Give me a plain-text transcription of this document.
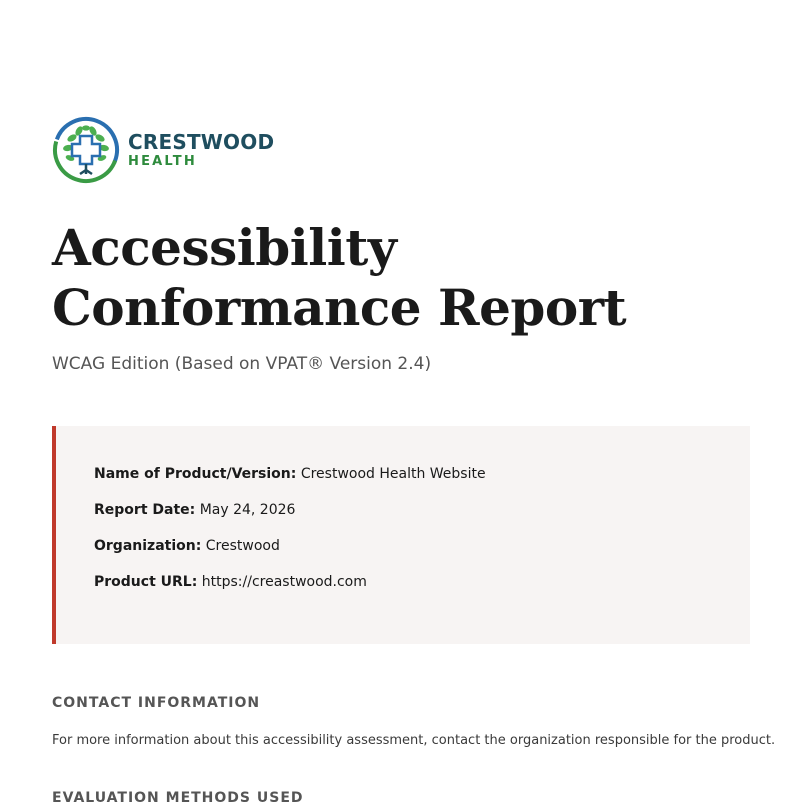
CRESTWOOD
HEALTH
Accessibility
Conformance Report
WCAG Edition (Based on VPAT® Version 2.4)
Name of Product/Version: Crestwood Health Website
Report Date: May 24, 2026
Organization: Crestwood
Product URL: https://creastwood.com
CONTACT INFORMATION
For more information about this accessibility assessment, contact the organization responsible for the product.
EVALUATION METHODS USED
